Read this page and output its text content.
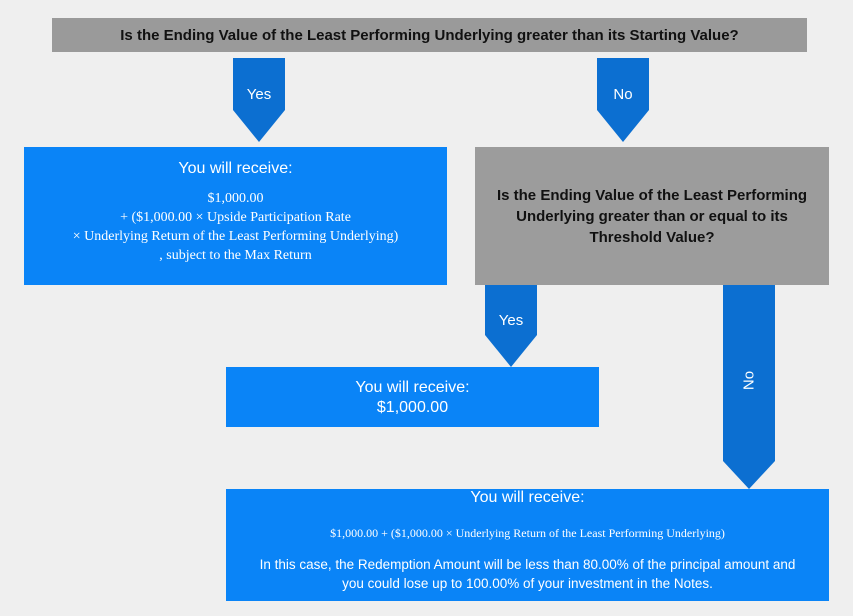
Is the Ending Value of the Least Performing Underlying greater than its Starting Value?
Yes	No
You will receive:
$1,000.00
+ ($1,000.00 × Upside Participation Rate
× Underlying Return of the Least Performing Underlying)
, subject to the Max Return
Is the Ending Value of the Least Performing
Underlying greater than or equal to its
Threshold Value?
Yes
No
You will receive:
$1,000.00
You will receive:
$1,000.00 + ($1,000.00 × Underlying Return of the Least Performing Underlying)
In this case, the Redemption Amount will be less than 80.00% of the principal amount and
you could lose up to 100.00% of your investment in the Notes.
